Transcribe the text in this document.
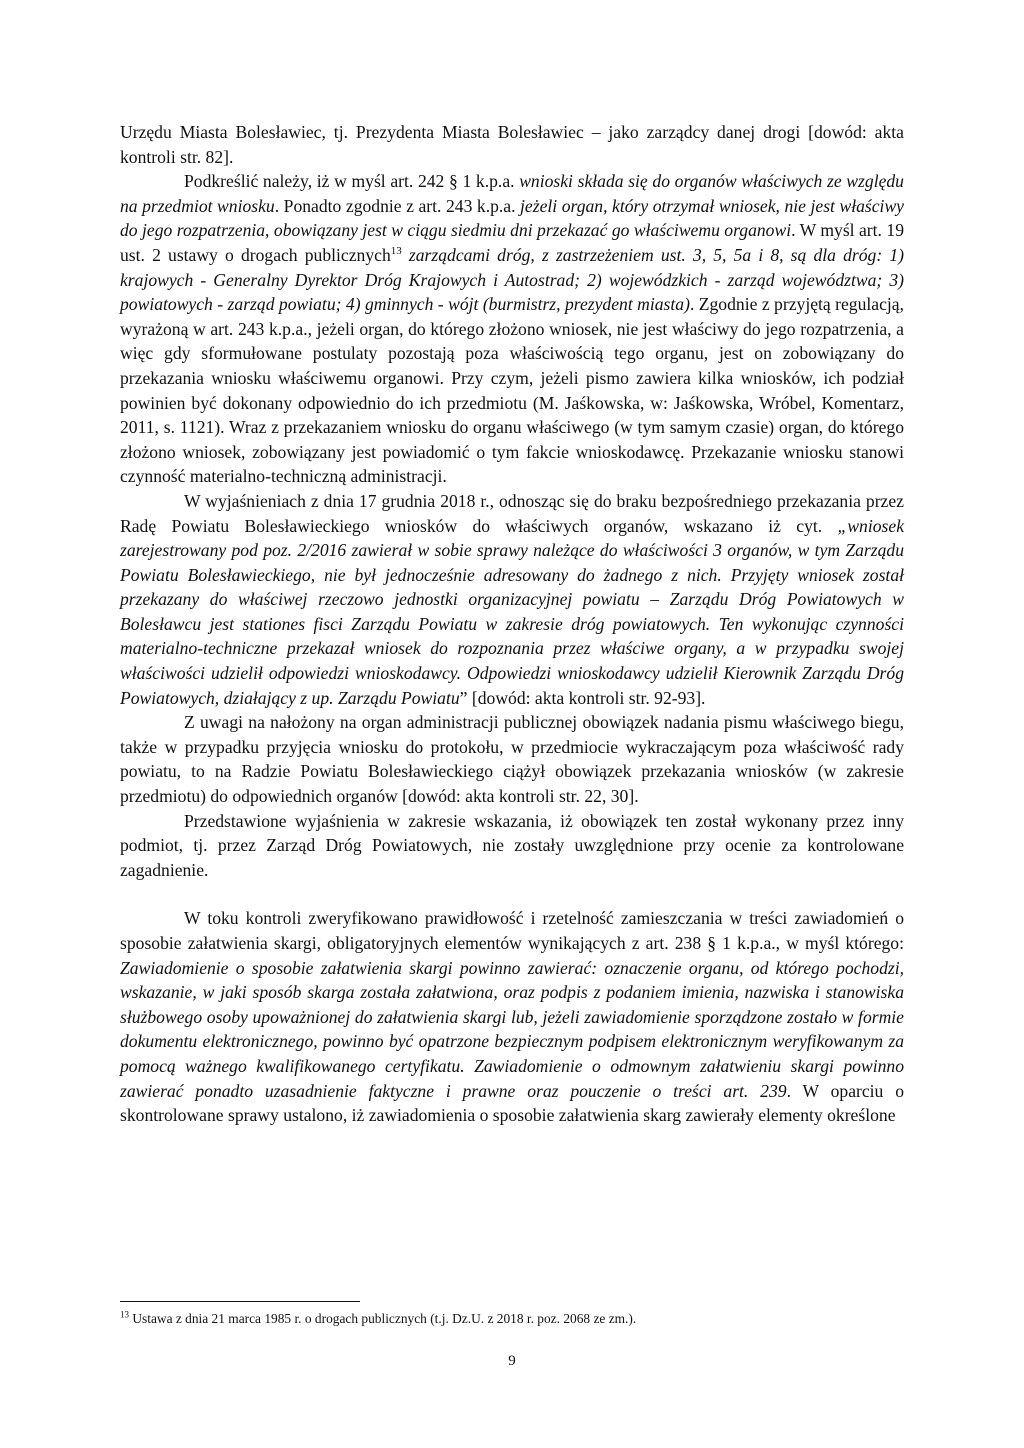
Urzędu Miasta Bolesławiec, tj. Prezydenta Miasta Bolesławiec – jako zarządcy danej drogi [dowód: akta kontroli str. 82].

Podkreślić należy, iż w myśl art. 242 § 1 k.p.a. wnioski składa się do organów właściwych ze względu na przedmiot wniosku. Ponadto zgodnie z art. 243 k.p.a. jeżeli organ, który otrzymał wniosek, nie jest właściwy do jego rozpatrzenia, obowiązany jest w ciągu siedmiu dni przekazać go właściwemu organowi. W myśl art. 19 ust. 2 ustawy o drogach publicznych$^{13}$ zarządcami dróg, z zastrzeżeniem ust. 3, 5, 5a i 8, są dla dróg: 1) krajowych - Generalny Dyrektor Dróg Krajowych i Autostrad; 2) wojewódzkich - zarząd województwa; 3) powiatowych - zarząd powiatu; 4) gminnych - wójt (burmistrz, prezydent miasta). Zgodnie z przyjętą regulacją, wyrażoną w art. 243 k.p.a., jeżeli organ, do którego złożono wniosek, nie jest właściwy do jego rozpatrzenia, a więc gdy sformułowane postulaty pozostają poza właściwością tego organu, jest on zobowiązany do przekazania wniosku właściwemu organowi. Przy czym, jeżeli pismo zawiera kilka wniosków, ich podział powinien być dokonany odpowiednio do ich przedmiotu (M. Jaśkowska, w: Jaśkowska, Wróbel, Komentarz, 2011, s. 1121). Wraz z przekazaniem wniosku do organu właściwego (w tym samym czasie) organ, do którego złożono wniosek, zobowiązany jest powiadomić o tym fakcie wnioskodawcę. Przekazanie wniosku stanowi czynność materialno-techniczną administracji.

W wyjaśnieniach z dnia 17 grudnia 2018 r., odnosząc się do braku bezpośredniego przekazania przez Radę Powiatu Bolesławieckiego wniosków do właściwych organów, wskazano iż cyt. „wniosek zarejestrowany pod poz. 2/2016 zawierał w sobie sprawy należące do właściwości 3 organów, w tym Zarządu Powiatu Bolesławieckiego, nie był jednocześnie adresowany do żadnego z nich. Przyjęty wniosek został przekazany do właściwej rzeczowo jednostki organizacyjnej powiatu – Zarządu Dróg Powiatowych w Bolesławcu jest stationes fisci Zarządu Powiatu w zakresie dróg powiatowych. Ten wykonując czynności materialno-techniczne przekazał wniosek do rozpoznania przez właściwe organy, a w przypadku swojej właściwości udzielił odpowiedzi wnioskodawcy. Odpowiedzi wnioskodawcy udzielił Kierownik Zarządu Dróg Powiatowych, działający z up. Zarządu Powiatu” [dowód: akta kontroli str. 92-93].

Z uwagi na nałożony na organ administracji publicznej obowiązek nadania pismu właściwego biegu, także w przypadku przyjęcia wniosku do protokołu, w przedmiocie wykraczającym poza właściwość rady powiatu, to na Radzie Powiatu Bolesławieckiego ciążył obowiązek przekazania wniosków (w zakresie przedmiotu) do odpowiednich organów [dowód: akta kontroli str. 22, 30].

Przedstawione wyjaśnienia w zakresie wskazania, iż obowiązek ten został wykonany przez inny podmiot, tj. przez Zarząd Dróg Powiatowych, nie zostały uwzględnione przy ocenie za kontrolowane zagadnienie.

W toku kontroli zweryfikowano prawidłowość i rzetelność zamieszczania w treści zawiadomień o sposobie załatwienia skargi, obligatoryjnych elementów wynikających z art. 238 § 1 k.p.a., w myśl którego: Zawiadomienie o sposobie załatwienia skargi powinno zawierać: oznaczenie organu, od którego pochodzi, wskazanie, w jaki sposób skarga została załatwiona, oraz podpis z podaniem imienia, nazwiska i stanowiska służbowego osoby upoważnionej do załatwienia skargi lub, jeżeli zawiadomienie sporządzone zostało w formie dokumentu elektronicznego, powinno być opatrzone bezpiecznym podpisem elektronicznym weryfikowanym za pomocą ważnego kwalifikowanego certyfikatu. Zawiadomienie o odmownym załatwieniu skargi powinno zawierać ponadto uzasadnienie faktyczne i prawne oraz pouczenie o treści art. 239. W oparciu o skontrolowane sprawy ustalono, iż zawiadomienia o sposobie załatwienia skarg zawierały elementy określone

$^{13}$ Ustawa z dnia 21 marca 1985 r. o drogach publicznych (t.j. Dz.U. z 2018 r. poz. 2068 ze zm.).
9
